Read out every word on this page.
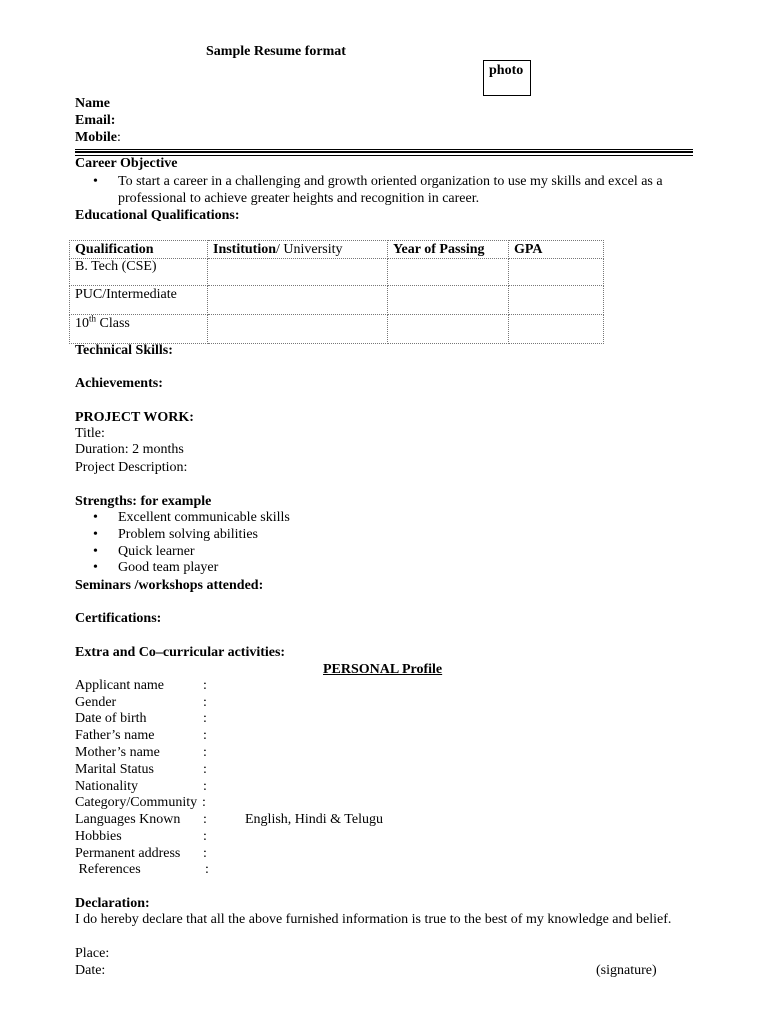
Sample Resume format
photo
Name
Email:
Mobile:
Career Objective
• To start a career in a challenging and growth oriented organization to use my skills and excel as a
professional to achieve greater heights and recognition in career.
Educational Qualifications:
Qualification	Institution/ University	Year of Passing	GPA
B. Tech (CSE)			
PUC/Intermediate			
10th Class			
Technical Skills:
Achievements:
PROJECT WORK:
Title:
Duration: 2 months
Project Description:
Strengths: for example
• Excellent communicable skills
• Problem solving abilities
• Quick learner
• Good team player
Seminars /workshops attended:
Certifications:
Extra and Co–curricular activities:
PERSONAL Profile
Applicant name	:
Gender	:
Date of birth	:
Father’s name	:
Mother’s name	:
Marital Status	:
Nationality	:
Category/Community :
Languages Known :	English, Hindi & Telugu
Hobbies	:
Permanent address :
References	:
Declaration:
I do hereby declare that all the above furnished information is true to the best of my knowledge and belief.
Place:
Date:	(signature)
